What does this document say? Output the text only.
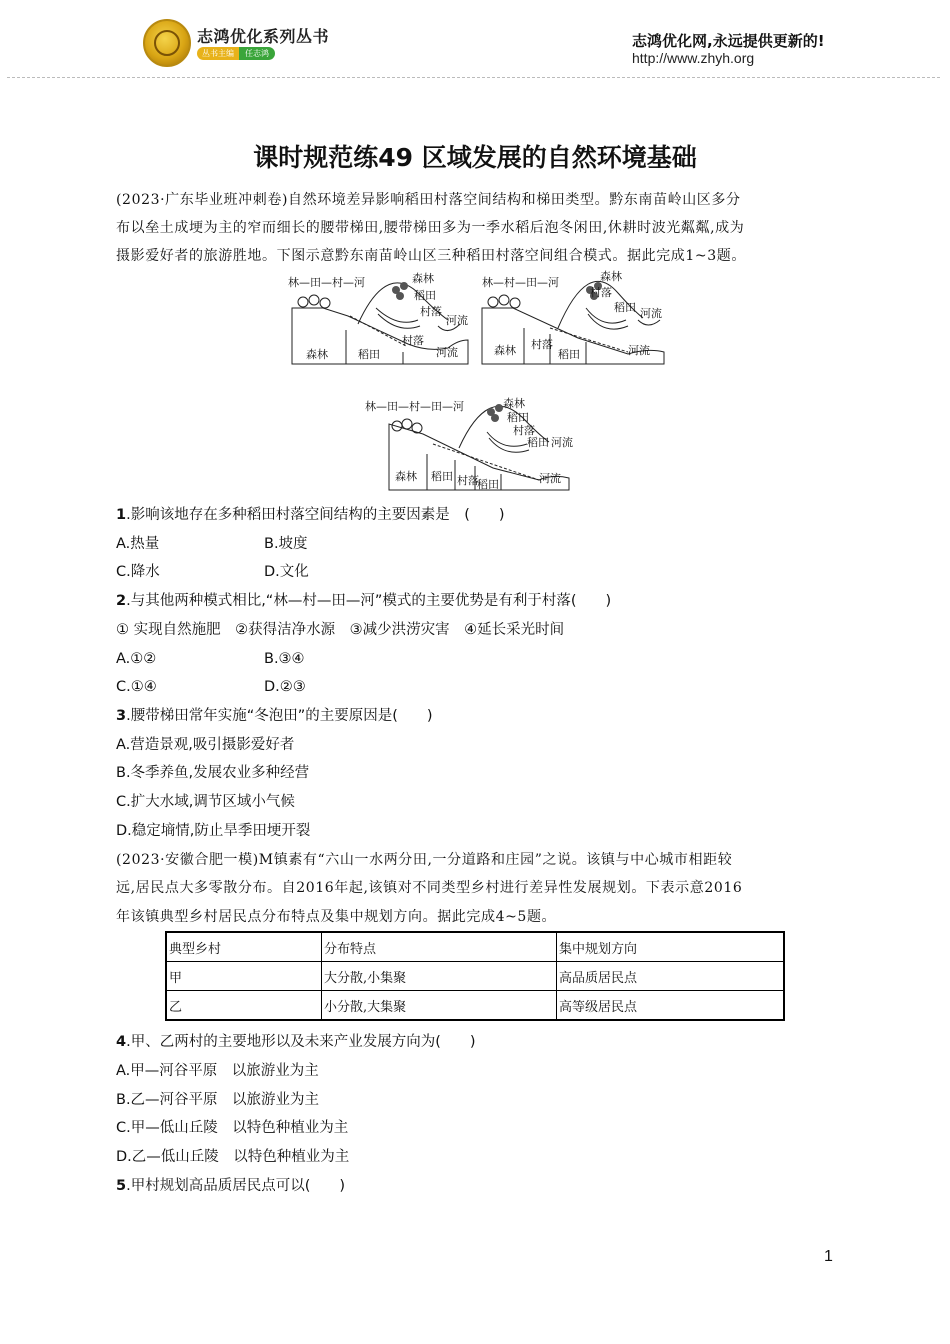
志鸿优化系列丛书
丛书主编	任志鸿
志鸿优化网,永远提供更新的!
http://www.zhyh.org
课时规范练49 区域发展的自然环境基础
(2023·广东毕业班冲刺卷)自然环境差异影响稻田村落空间结构和梯田类型。黔东南苗岭山区多分
布以垒土成埂为主的窄而细长的腰带梯田,腰带梯田多为一季水稻后泡冬闲田,休耕时波光粼粼,成为
摄影爱好者的旅游胜地。下图示意黔东南苗岭山区三种稻田村落空间组合模式。据此完成1~3题。
林—田—村—河	森林
稻田
村落
河流
森林	稻田
村落
河流
林—村—田—河	森林
村落
稻田 河流
森林 村落
稻田	河流
林—田—村—田—河	森林
稻田
村落
稻田 河流
森林 稻田 村落
稻田	河流
1.影响该地存在多种稻田村落空间结构的主要因素是　(　　)
A.热量	B.坡度
C.降水	D.文化
2.与其他两种模式相比,“林—村—田—河”模式的主要优势是有利于村落(　　)
① 实现自然施肥　②获得洁净水源　③减少洪涝灾害　④延长采光时间
A.①②	B.③④
C.①④	D.②③
3.腰带梯田常年实施“冬泡田”的主要原因是(　　)
A.营造景观,吸引摄影爱好者
B.冬季养鱼,发展农业多种经营
C.扩大水域,调节区域小气候
D.稳定墒情,防止旱季田埂开裂
(2023·安徽合肥一模)M镇素有“六山一水两分田,一分道路和庄园”之说。该镇与中心城市相距较
远,居民点大多零散分布。自2016年起,该镇对不同类型乡村进行差异性发展规划。下表示意2016
年该镇典型乡村居民点分布特点及集中规划方向。据此完成4~5题。
典型乡村	分布特点	集中规划方向
甲	大分散,小集聚	高品质居民点
乙	小分散,大集聚	高等级居民点
4.甲、乙两村的主要地形以及未来产业发展方向为(　　)
A.甲—河谷平原　以旅游业为主
B.乙—河谷平原　以旅游业为主
C.甲—低山丘陵　以特色种植业为主
D.乙—低山丘陵　以特色种植业为主
5.甲村规划高品质居民点可以(　　)
1
